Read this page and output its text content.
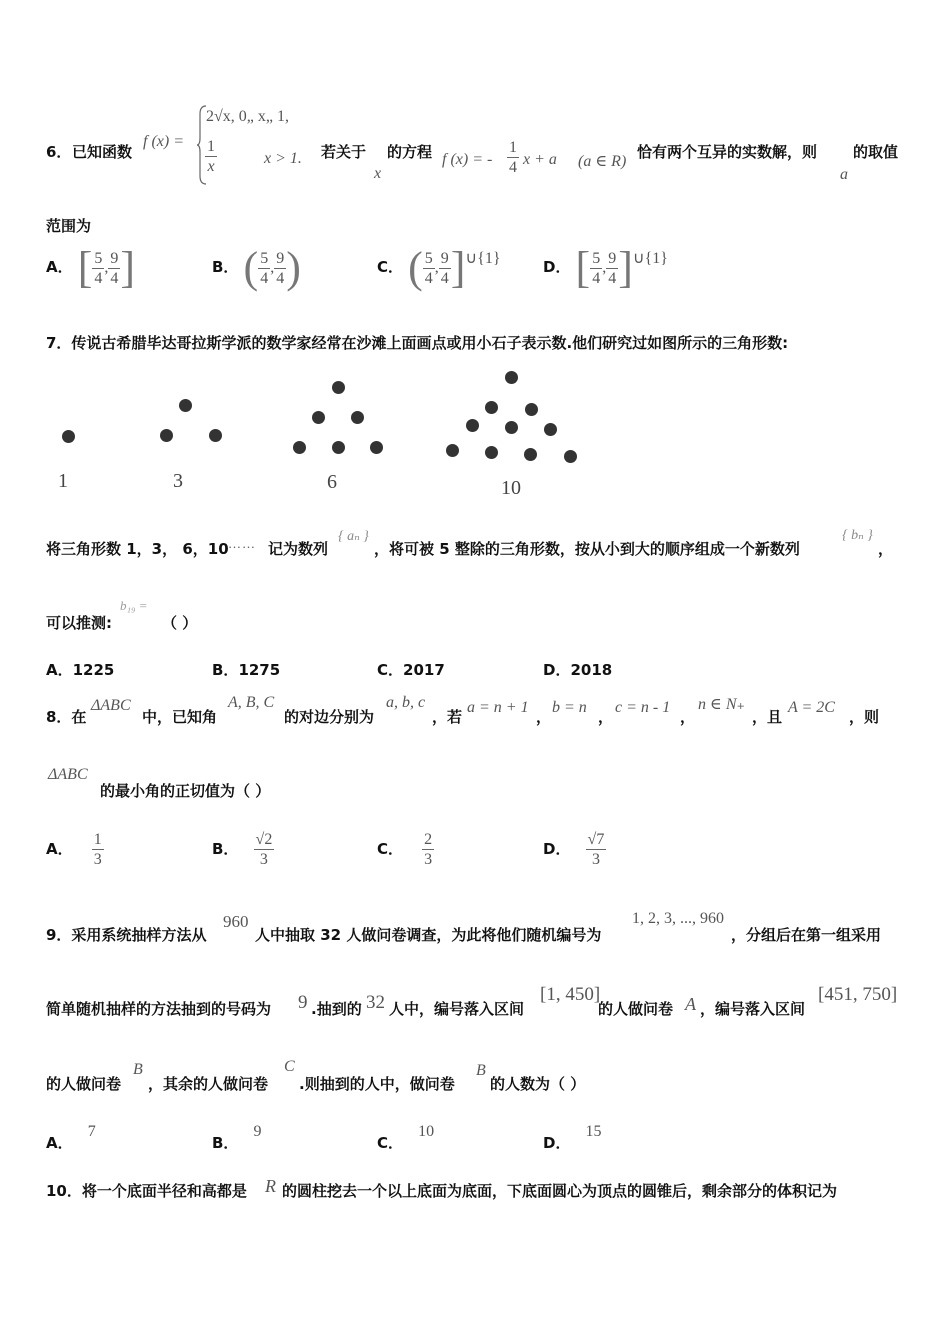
6． 已知函数
f (x) =
2√x, 0„ x„ 1,
$\frac{1}{x}$	x > 1. 若关于
x
的方程 f (x) = - $\frac{1}{4}$ x + a (a ∈ R)
恰有两个互异的实数解，则
a
的取值
范围为
A． [ $\frac{5}{4}$ , $\frac{9}{4}$ ]	B． ( $\frac{5}{4}$ , $\frac{9}{4}$ )	C． ( $\frac{5}{4}$ , $\frac{9}{4}$ ] ∪{1}	D． [ $\frac{5}{4}$ , $\frac{9}{4}$ ] ∪{1}
7．传说古希腊毕达哥拉斯学派的数学家经常在沙滩上面画点或用小石子表示数.他们研究过如图所示的三角形数:
1	3	6	10
将三角形数 1，3， 6，10 …… 记为数列
{ aₙ }
，将可被 5 整除的三角形数，按从小到大的顺序组成一个新数列
{ bₙ }
，
可以推测:
b₁₉ =
（ ）
A．1225	B．1275	C．2017	D．2018
8．在
ΔABC
中，已知角
A, B, C
的对边分别为
a, b, c
，若
a = n + 1
，
b = n
，
c = n - 1
，
n ∈ N₊
，且
A = 2C
，则
ΔABC
的最小角的正切值为（ ）
A． $\frac{1}{3}$	B． $\frac{√2}{3}$	C． $\frac{2}{3}$	D． $\frac{√7}{3}$
9．采用系统抽样方法从
960
人中抽取 32 人做问卷调查，为此将他们随机编号为
1, 2, 3, ..., 960
，分组后在第一组采用
简单随机抽样的方法抽到的号码为 9 .抽到的 32 人中，编号落入区间
[1, 450]
的人做问卷 A ，编号落入区间
[451, 750]
的人做问卷
B
，其余的人做问卷
C
.则抽到的人中，做问卷
B
的人数为（ ）
A． 7
B． 9
C． 10
D． 15
10．将一个底面半径和高都是 R 的圆柱挖去一个以上底面为底面，下底面圆心为顶点的圆锥后，剩余部分的体积记为
